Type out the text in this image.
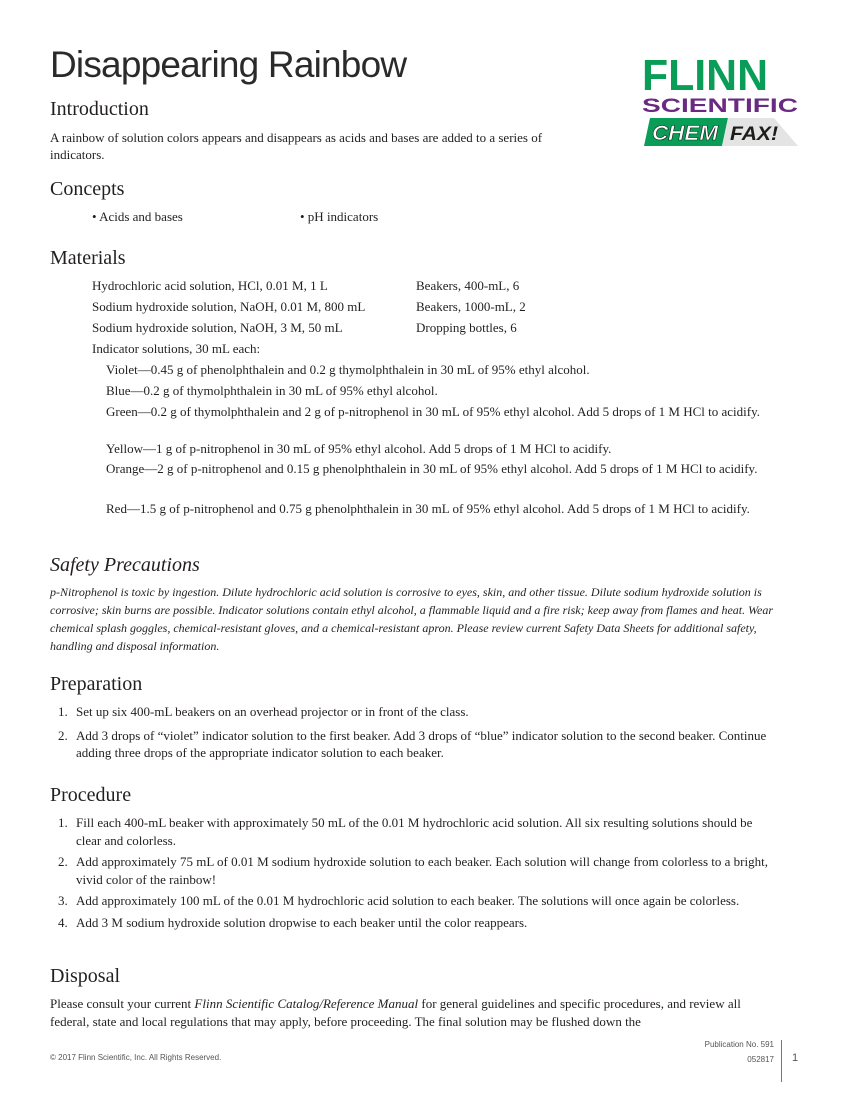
Disappearing Rainbow	FLINN
SCIENTIFIC
CHEM FAX!
Introduction
A rainbow of solution colors appears and disappears as acids and bases are added to a series of
indicators.
Concepts
• Acids and bases	• pH indicators
Materials
Hydrochloric acid solution, HCl, 0.01 M, 1 L	Beakers, 400-mL, 6
Sodium hydroxide solution, NaOH, 0.01 M, 800 mL	Beakers, 1000-mL, 2
Sodium hydroxide solution, NaOH, 3 M, 50 mL	Dropping bottles, 6
Indicator solutions, 30 mL each:
Violet—0.45 g of phenolphthalein and 0.2 g thymolphthalein in 30 mL of 95% ethyl alcohol.
Blue—0.2 g of thymolphthalein in 30 mL of 95% ethyl alcohol.
Green—0.2 g of thymolphthalein and 2 g of p-nitrophenol in 30 mL of 95% ethyl alcohol. Add 5 drops of 1 M HCl to acidify.
Yellow—1 g of p-nitrophenol in 30 mL of 95% ethyl alcohol. Add 5 drops of 1 M HCl to acidify.
Orange—2 g of p-nitrophenol and 0.15 g phenolphthalein in 30 mL of 95% ethyl alcohol. Add 5 drops of 1 M HCl to acidify.
Red—1.5 g of p-nitrophenol and 0.75 g phenolphthalein in 30 mL of 95% ethyl alcohol. Add 5 drops of 1 M HCl to acidify.
Safety Precautions
p-Nitrophenol is toxic by ingestion. Dilute hydrochloric acid solution is corrosive to eyes, skin, and other tissue. Dilute sodium hydroxide solution is corrosive; skin burns are possible. Indicator solutions contain ethyl alcohol, a flammable liquid and a fire risk; keep away from flames and heat. Wear chemical splash goggles, chemical-resistant gloves, and a chemical-resistant apron. Please review current Safety Data Sheets for additional safety, handling and disposal information.
Preparation
1. Set up six 400-mL beakers on an overhead projector or in front of the class.
2. Add 3 drops of “violet” indicator solution to the first beaker. Add 3 drops of “blue” indicator solution to the second beaker. Continue adding three drops of the appropriate indicator solution to each beaker.
Procedure
1. Fill each 400-mL beaker with approximately 50 mL of the 0.01 M hydrochloric acid solution. All six resulting solutions should be clear and colorless.
2. Add approximately 75 mL of 0.01 M sodium hydroxide solution to each beaker. Each solution will change from colorless to a bright, vivid color of the rainbow!
3. Add approximately 100 mL of the 0.01 M hydrochloric acid solution to each beaker. The solutions will once again be colorless.
4. Add 3 M sodium hydroxide solution dropwise to each beaker until the color reappears.
Disposal
Please consult your current Flinn Scientific Catalog/Reference Manual for general guidelines and specific procedures, and review all federal, state and local regulations that may apply, before proceeding. The final solution may be flushed down the
© 2017 Flinn Scientific, Inc. All Rights Reserved.
Publication No. 591
052817 1
